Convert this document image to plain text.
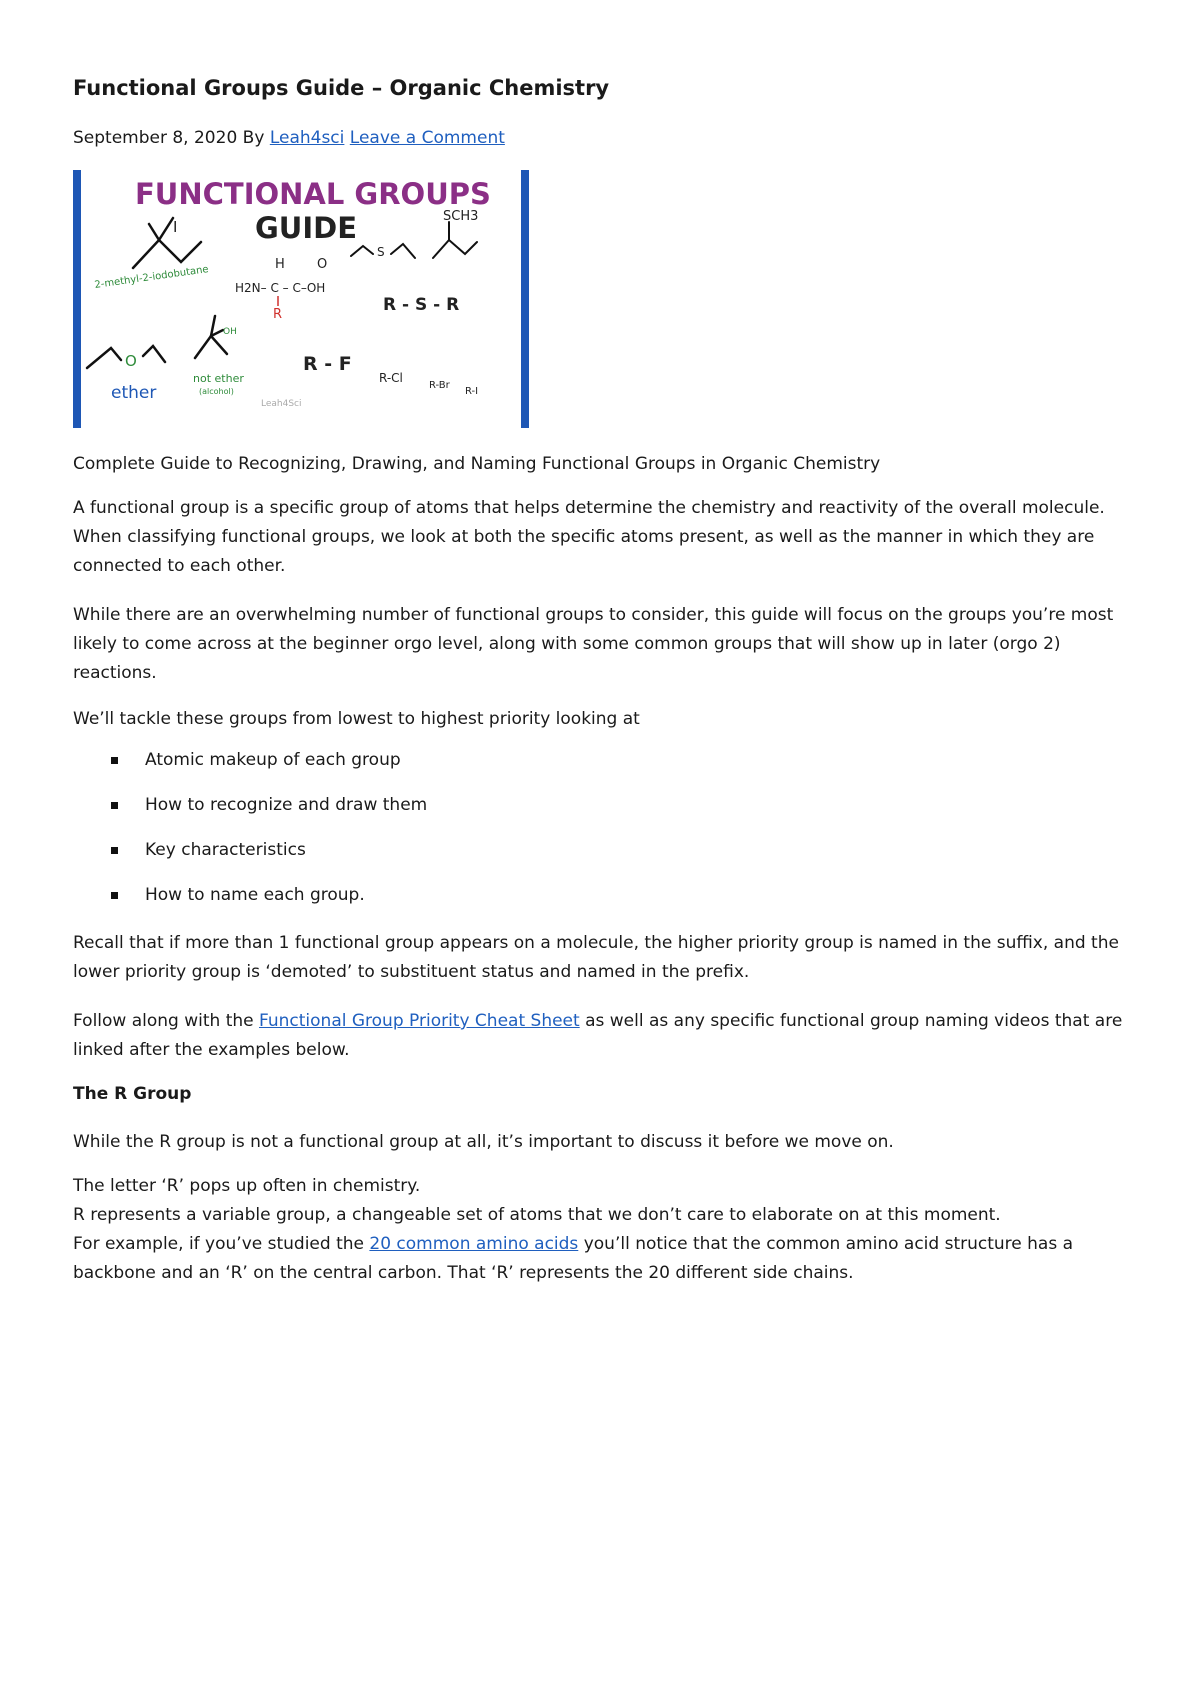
Functional Groups Guide – Organic Chemistry
September 8, 2020 By Leah4sci Leave a Comment
FUNCTIONAL GROUPS
GUIDE
I
2-methyl-2-iodobutane
S
SCH3
H O
H2N– C – C–OH
R	R - S - R
O
ether
OH
not ether
(alcohol)
R - F
R-Cl
R-Br
R-I
Leah4Sci

Complete Guide to Recognizing, Drawing, and Naming Functional Groups in Organic Chemistry

A functional group is a specific group of atoms that helps determine the chemistry and reactivity of the overall molecule. When classifying functional groups, we look at both the specific atoms present, as well as the manner in which they are connected to each other.

While there are an overwhelming number of functional groups to consider, this guide will focus on the groups you’re most likely to come across at the beginner orgo level, along with some common groups that will show up in later (orgo 2) reactions.

We’ll tackle these groups from lowest to highest priority looking at

Atomic makeup of each group
How to recognize and draw them
Key characteristics
How to name each group.

Recall that if more than 1 functional group appears on a molecule, the higher priority group is named in the suffix, and the lower priority group is ‘demoted’ to substituent status and named in the prefix.

Follow along with the Functional Group Priority Cheat Sheet as well as any specific functional group naming videos that are linked after the examples below.

The R Group

While the R group is not a functional group at all, it’s important to discuss it before we move on.

The letter ‘R’ pops up often in chemistry.
R represents a variable group, a changeable set of atoms that we don’t care to elaborate on at this moment.
For example, if you’ve studied the 20 common amino acids you’ll notice that the common amino acid structure has a backbone and an ‘R’ on the central carbon. That ‘R’ represents the 20 different side chains.
